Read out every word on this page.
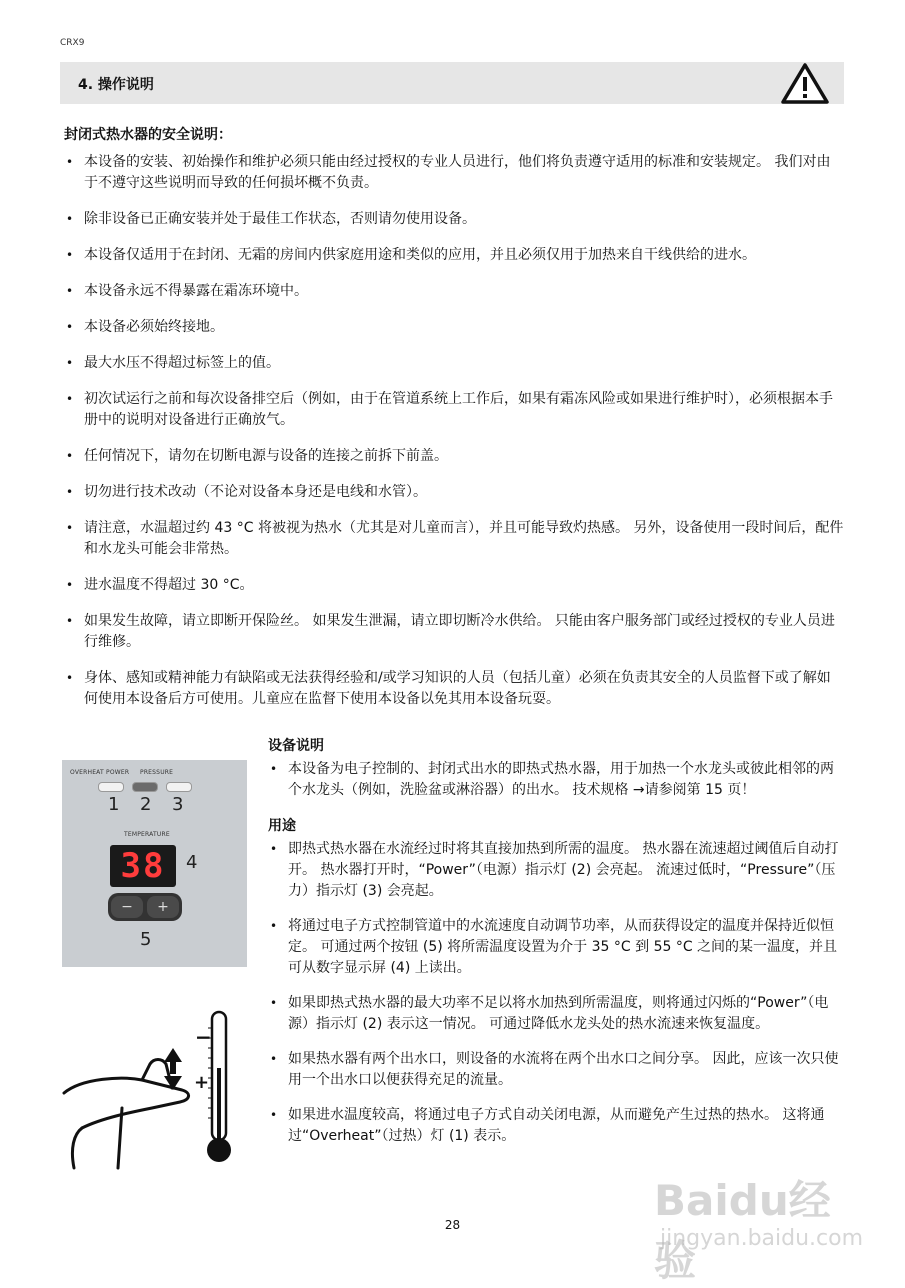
CRX9
4. 操作说明
封闭式热水器的安全说明：
• 本设备的安装、初始操作和维护必须只能由经过授权的专业人员进行，他们将负责遵守适用的标准和安装规定。 我们对由于不遵守这些说明而导致的任何损坏概不负责。
• 除非设备已正确安装并处于最佳工作状态，否则请勿使用设备。
• 本设备仅适用于在封闭、无霜的房间内供家庭用途和类似的应用，并且必须仅用于加热来自干线供给的进水。
• 本设备永远不得暴露在霜冻环境中。
• 本设备必须始终接地。
• 最大水压不得超过标签上的值。
• 初次试运行之前和每次设备排空后（例如，由于在管道系统上工作后，如果有霜冻风险或如果进行维护时），必须根据本手册中的说明对设备进行正确放气。
• 任何情况下，请勿在切断电源与设备的连接之前拆下前盖。
• 切勿进行技术改动（不论对设备本身还是电线和水管）。
• 请注意，水温超过约 43 °C 将被视为热水（尤其是对儿童而言），并且可能导致灼热感。 另外，设备使用一段时间后，配件和水龙头可能会非常热。
• 进水温度不得超过 30 °C。
• 如果发生故障，请立即断开保险丝。 如果发生泄漏，请立即切断冷水供给。 只能由客户服务部门或经过授权的专业人员进行维修。
• 身体、感知或精神能力有缺陷或无法获得经验和/或学习知识的人员（包括儿童）必须在负责其安全的人员监督下或了解如何使用本设备后方可使用。儿童应在监督下使用本设备以免其用本设备玩耍。
OVERHEAT POWER PRESSURE
1 2 3
TEMPERATURE
38	4
−	+
5
−
+
设备说明
• 本设备为电子控制的、封闭式出水的即热式热水器，用于加热一个水龙头或彼此相邻的两个水龙头（例如，洗脸盆或淋浴器）的出水。 技术规格 →请参阅第 15 页！
用途
• 即热式热水器在水流经过时将其直接加热到所需的温度。 热水器在流速超过阈值后自动打开。 热水器打开时，“Power”（电源）指示灯 (2) 会亮起。 流速过低时，“Pressure”（压力）指示灯 (3) 会亮起。
• 将通过电子方式控制管道中的水流速度自动调节功率，从而获得设定的温度并保持近似恒定。 可通过两个按钮 (5) 将所需温度设置为介于 35 °C 到 55 °C 之间的某一温度，并且可从数字显示屏 (4) 上读出。
• 如果即热式热水器的最大功率不足以将水加热到所需温度，则将通过闪烁的“Power”（电源）指示灯 (2) 表示这一情况。 可通过降低水龙头处的热水流速来恢复温度。
• 如果热水器有两个出水口，则设备的水流将在两个出水口之间分享。 因此，应该一次只使用一个出水口以便获得充足的流量。
• 如果进水温度较高，将通过电子方式自动关闭电源，从而避免产生过热的热水。 这将通过“Overheat”（过热）灯 (1) 表示。
28	Baidu经验
jingyan.baidu.com
